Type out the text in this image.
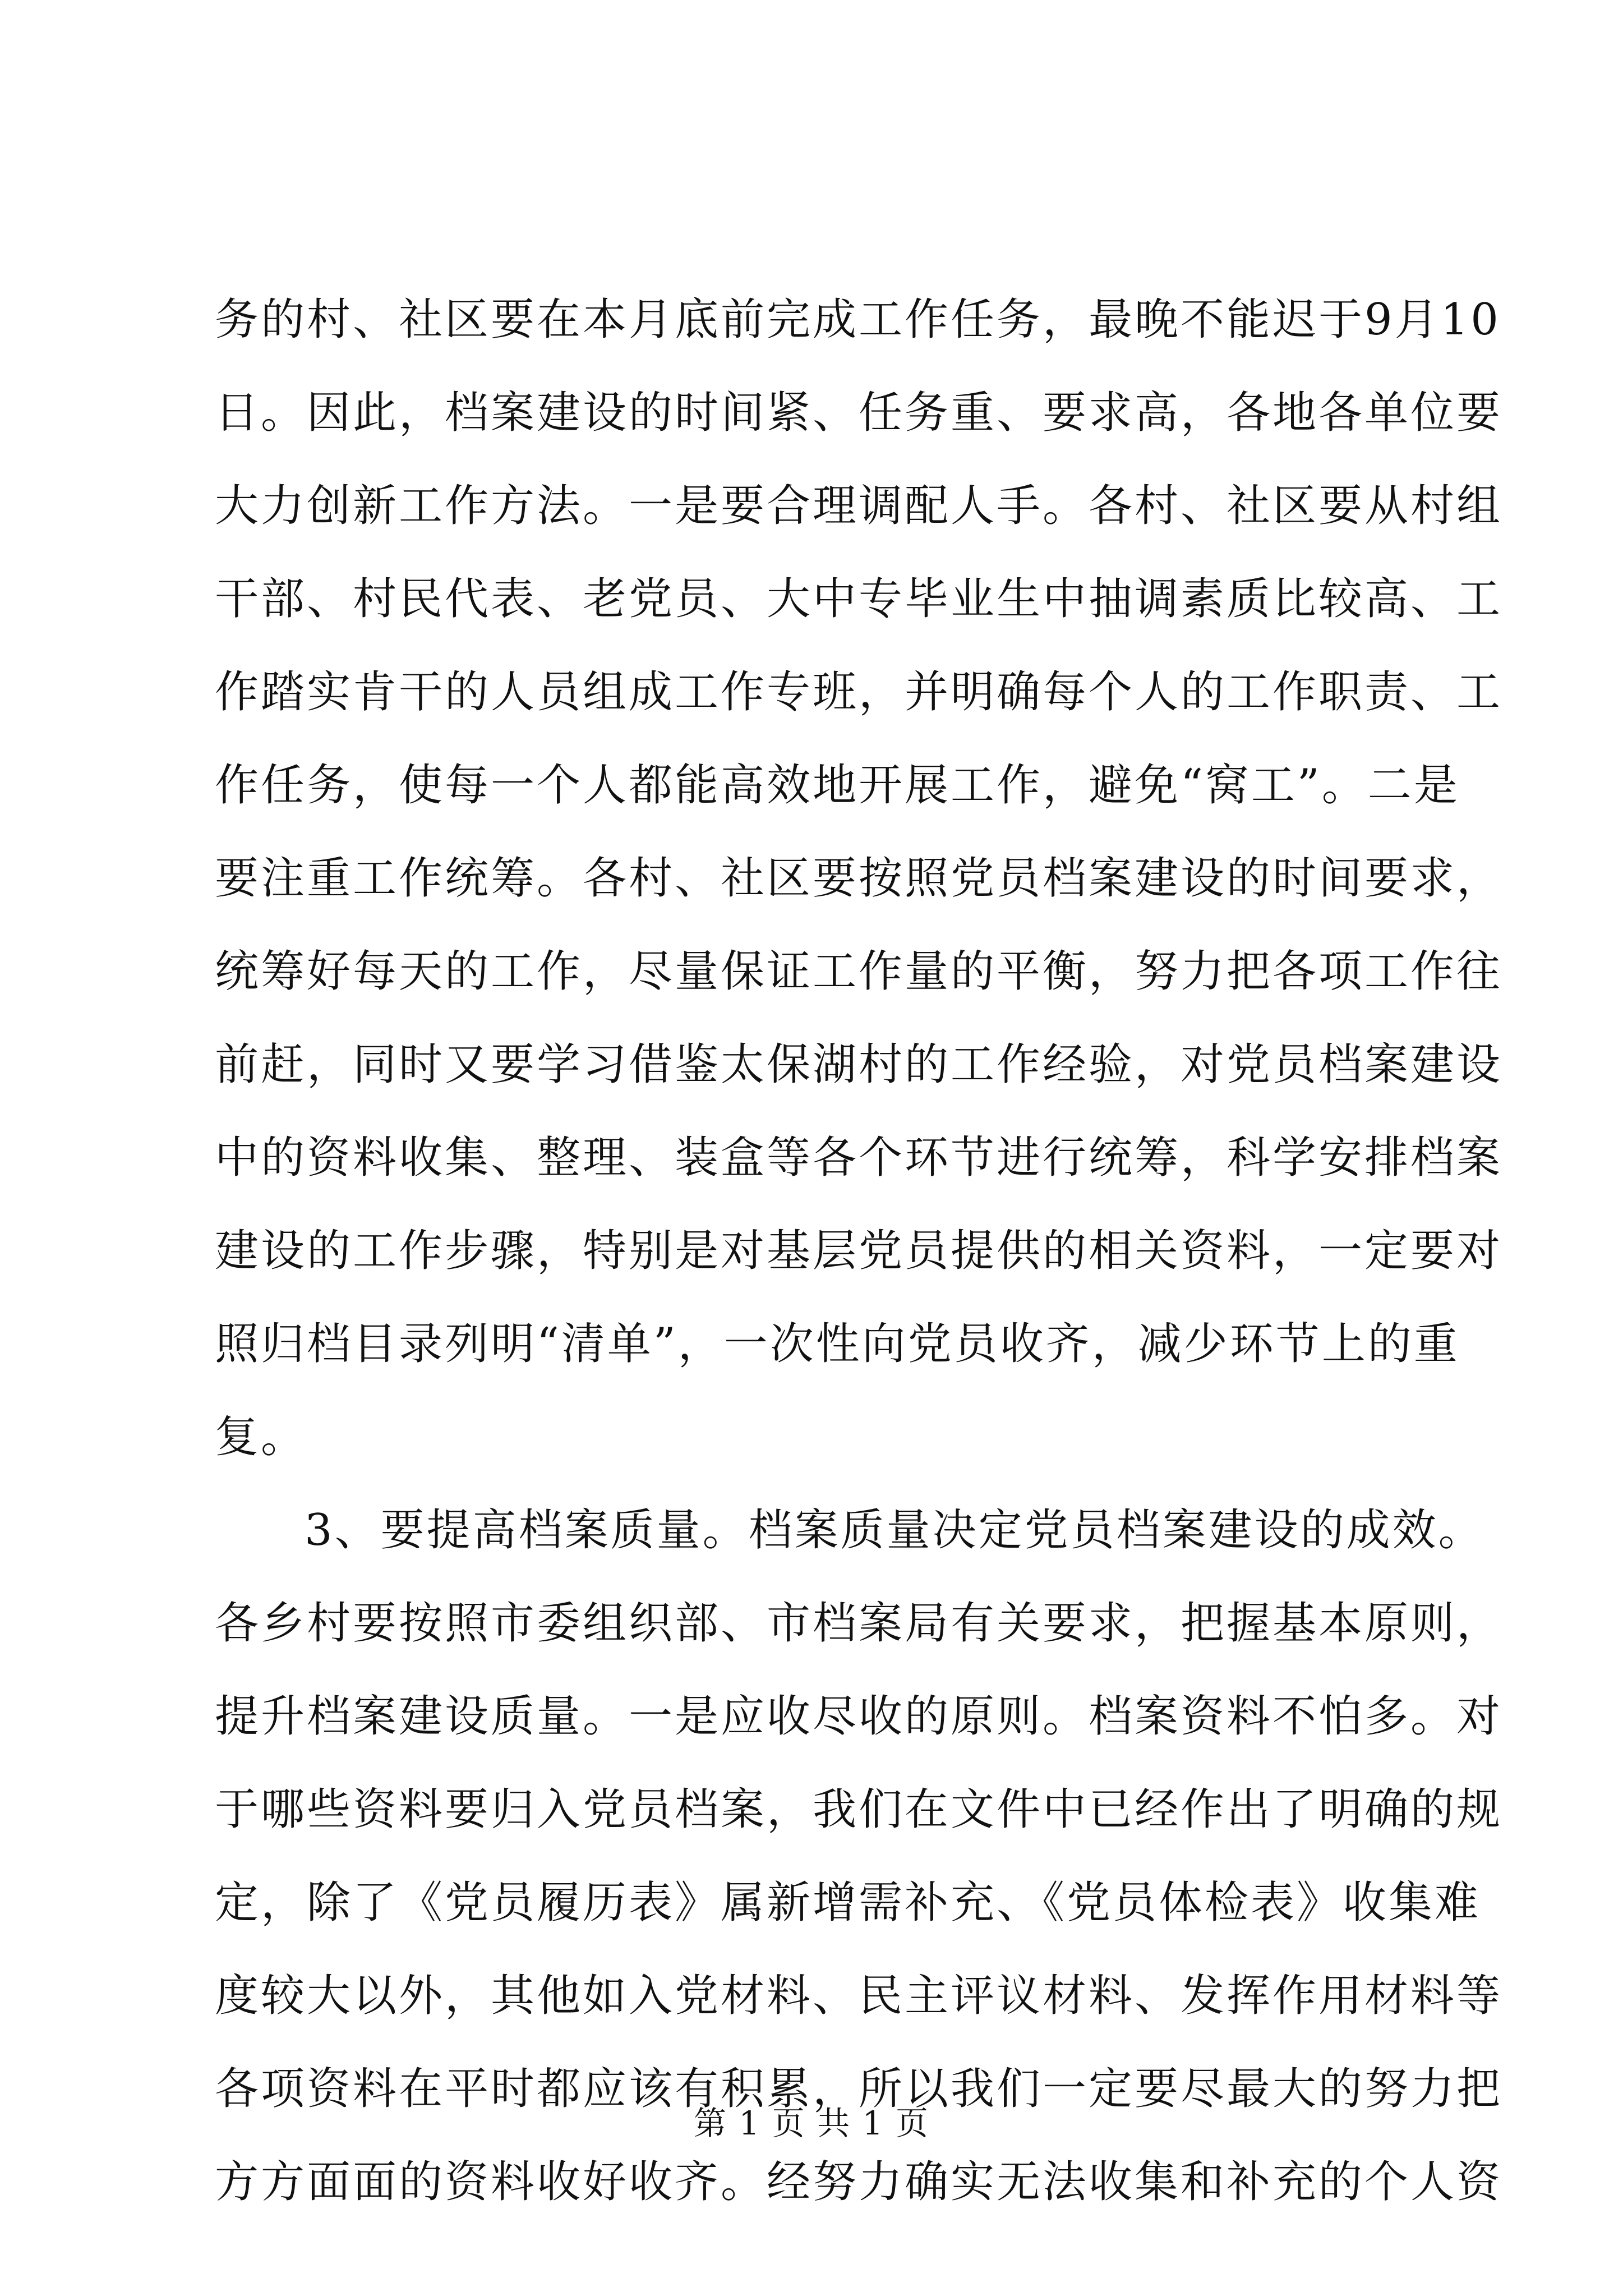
务的村、社区要在本月底前完成工作任务，最晚不能迟于9月10
日。因此，档案建设的时间紧、任务重、要求高，各地各单位要
大力创新工作方法。一是要合理调配人手。各村、社区要从村组
干部、村民代表、老党员、大中专毕业生中抽调素质比较高、工
作踏实肯干的人员组成工作专班，并明确每个人的工作职责、工
作任务，使每一个人都能高效地开展工作，避免“窝工”。二是
要注重工作统筹。各村、社区要按照党员档案建设的时间要求，
统筹好每天的工作，尽量保证工作量的平衡，努力把各项工作往
前赶，同时又要学习借鉴太保湖村的工作经验，对党员档案建设
中的资料收集、整理、装盒等各个环节进行统筹，科学安排档案
建设的工作步骤，特别是对基层党员提供的相关资料，一定要对
照归档目录列明“清单”，一次性向党员收齐，减少环节上的重
复。
3、要提高档案质量。档案质量决定党员档案建设的成效。
各乡村要按照市委组织部、市档案局有关要求，把握基本原则，
提升档案建设质量。一是应收尽收的原则。档案资料不怕多。对
于哪些资料要归入党员档案，我们在文件中已经作出了明确的规
定，除了《党员履历表》属新增需补充、《党员体检表》收集难
度较大以外，其他如入党材料、民主评议材料、发挥作用材料等
各项资料在平时都应该有积累，所以我们一定要尽最大的努力把
方方面面的资料收好收齐。经努力确实无法收集和补充的个人资
第 1 页 共 1 页
